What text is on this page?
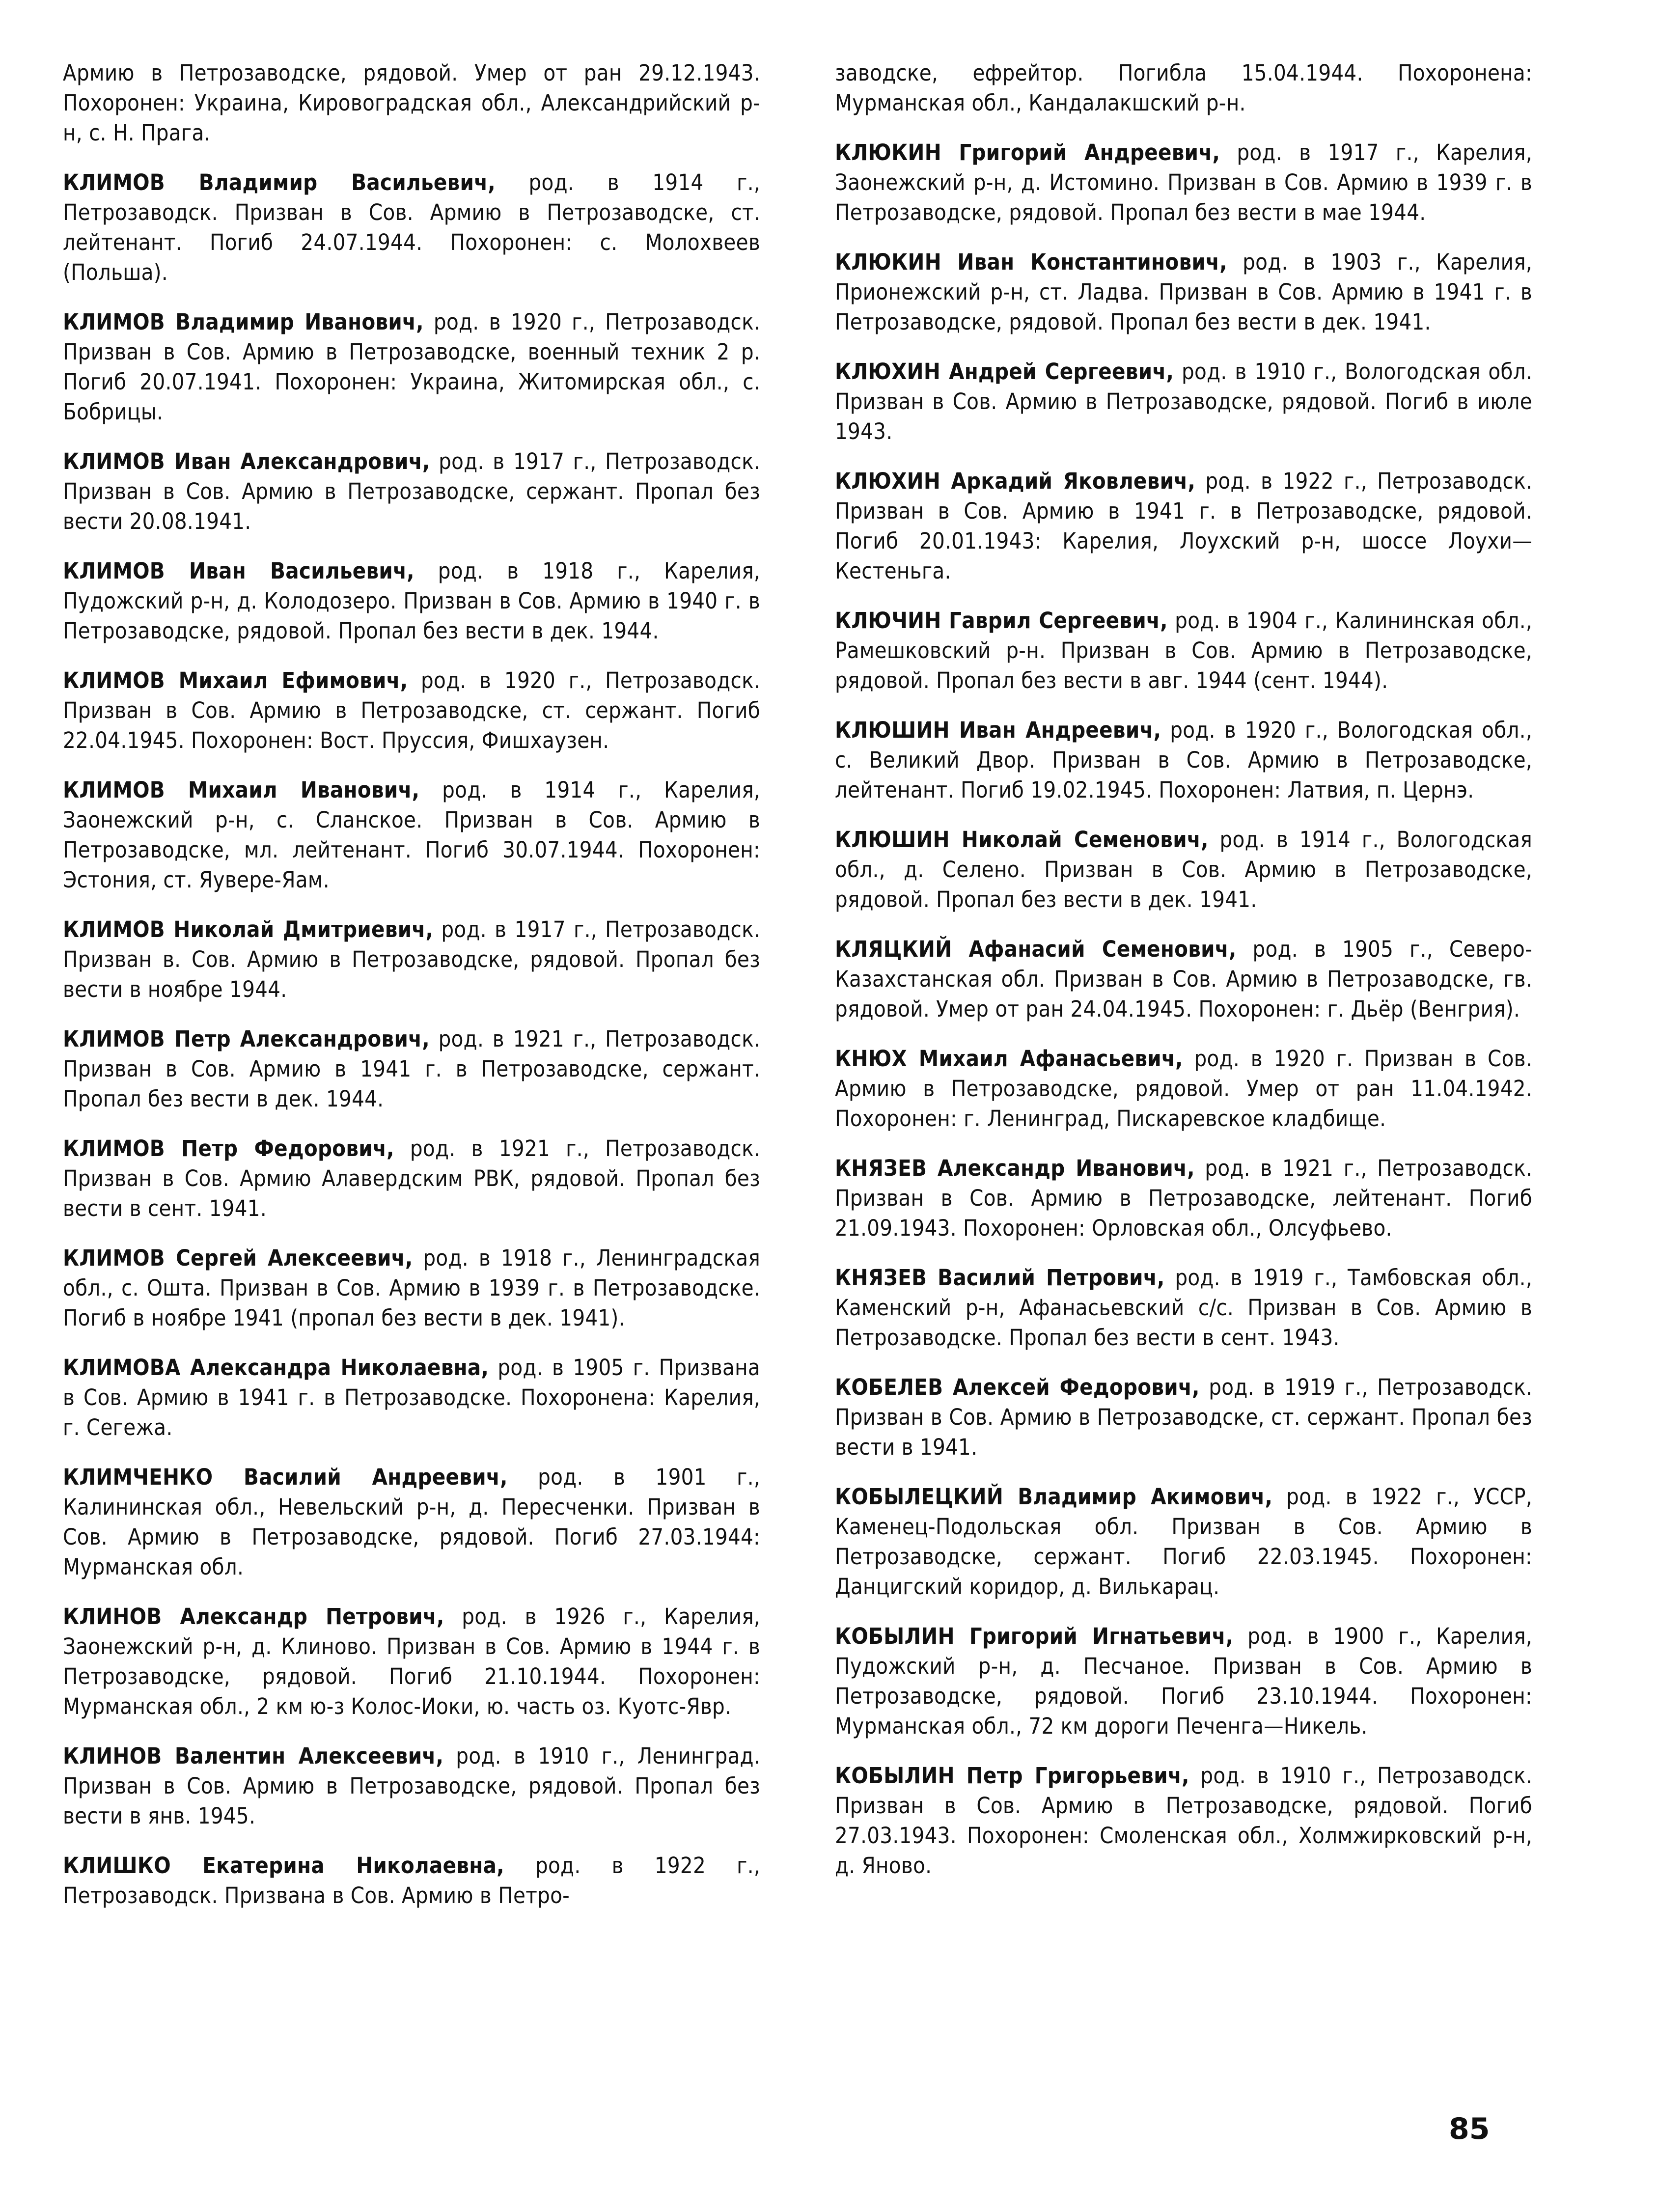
Армию в Петрозаводске, рядовой. Умер от ран 29.12.1943. Похоронен: Украина, Кировоградская обл., Александрийский р-н, с. Н. Прага.

КЛИМОВ Владимир Васильевич, род. в 1914 г., Петрозаводск. Призван в Сов. Армию в Петрозаводске, ст. лейтенант. Погиб 24.07.1944. Похоронен: с. Молохвеев (Польша).

КЛИМОВ Владимир Иванович, род. в 1920 г., Петрозаводск. Призван в Сов. Армию в Петрозаводске, военный техник 2 р. Погиб 20.07.1941. Похоронен: Украина, Житомирская обл., с. Бобрицы.

КЛИМОВ Иван Александрович, род. в 1917 г., Петрозаводск. Призван в Сов. Армию в Петрозаводске, сержант. Пропал без вести 20.08.1941.

КЛИМОВ Иван Васильевич, род. в 1918 г., Карелия, Пудожский р-н, д. Колодозеро. Призван в Сов. Армию в 1940 г. в Петрозаводске, рядовой. Пропал без вести в дек. 1944.

КЛИМОВ Михаил Ефимович, род. в 1920 г., Петрозаводск. Призван в Сов. Армию в Петрозаводске, ст. сержант. Погиб 22.04.1945. Похоронен: Вост. Пруссия, Фишхаузен.

КЛИМОВ Михаил Иванович, род. в 1914 г., Карелия, Заонежский р-н, с. Сланское. Призван в Сов. Армию в Петрозаводске, мл. лейтенант. Погиб 30.07.1944. Похоронен: Эстония, ст. Яувере-Яам.

КЛИМОВ Николай Дмитриевич, род. в 1917 г., Петрозаводск. Призван в. Сов. Армию в Петрозаводске, рядовой. Пропал без вести в ноябре 1944.

КЛИМОВ Петр Александрович, род. в 1921 г., Петрозаводск. Призван в Сов. Армию в 1941 г. в Петрозаводске, сержант. Пропал без вести в дек. 1944.

КЛИМОВ Петр Федорович, род. в 1921 г., Петрозаводск. Призван в Сов. Армию Алавердским РВК, рядовой. Пропал без вести в сент. 1941.

КЛИМОВ Сергей Алексеевич, род. в 1918 г., Ленинградская обл., с. Ошта. Призван в Сов. Армию в 1939 г. в Петрозаводске. Погиб в ноябре 1941 (пропал без вести в дек. 1941).

КЛИМОВА Александра Николаевна, род. в 1905 г. Призвана в Сов. Армию в 1941 г. в Петрозаводске. Похоронена: Карелия, г. Сегежа.

КЛИМЧЕНКО Василий Андреевич, род. в 1901 г., Калининская обл., Невельский р-н, д. Пересченки. Призван в Сов. Армию в Петрозаводске, рядовой. Погиб 27.03.1944: Мурманская обл.

КЛИНОВ Александр Петрович, род. в 1926 г., Карелия, Заонежский р-н, д. Клиново. Призван в Сов. Армию в 1944 г. в Петрозаводске, рядовой. Погиб 21.10.1944. Похоронен: Мурманская обл., 2 км ю-з Колос-Иоки, ю. часть оз. Куотс-Явр.

КЛИНОВ Валентин Алексеевич, род. в 1910 г., Ленинград. Призван в Сов. Армию в Петрозаводске, рядовой. Пропал без вести в янв. 1945.

КЛИШКО Екатерина Николаевна, род. в 1922 г., Петрозаводск. Призвана в Сов. Армию в Петро-

заводске, ефрейтор. Погибла 15.04.1944. Похоронена: Мурманская обл., Кандалакшский р-н.

КЛЮКИН Григорий Андреевич, род. в 1917 г., Карелия, Заонежский р-н, д. Истомино. Призван в Сов. Армию в 1939 г. в Петрозаводске, рядовой. Пропал без вести в мае 1944.

КЛЮКИН Иван Константинович, род. в 1903 г., Карелия, Прионежский р-н, ст. Ладва. Призван в Сов. Армию в 1941 г. в Петрозаводске, рядовой. Пропал без вести в дек. 1941.

КЛЮХИН Андрей Сергеевич, род. в 1910 г., Вологодская обл. Призван в Сов. Армию в Петрозаводске, рядовой. Погиб в июле 1943.

КЛЮХИН Аркадий Яковлевич, род. в 1922 г., Петрозаводск. Призван в Сов. Армию в 1941 г. в Петрозаводске, рядовой. Погиб 20.01.1943: Карелия, Лоухский р-н, шоссе Лоухи—Кестеньга.

КЛЮЧИН Гаврил Сергеевич, род. в 1904 г., Калининская обл., Рамешковский р-н. Призван в Сов. Армию в Петрозаводске, рядовой. Пропал без вести в авг. 1944 (сент. 1944).

КЛЮШИН Иван Андреевич, род. в 1920 г., Вологодская обл., с. Великий Двор. Призван в Сов. Армию в Петрозаводске, лейтенант. Погиб 19.02.1945. Похоронен: Латвия, п. Цернэ.

КЛЮШИН Николай Семенович, род. в 1914 г., Вологодская обл., д. Селено. Призван в Сов. Армию в Петрозаводске, рядовой. Пропал без вести в дек. 1941.

КЛЯЦКИЙ Афанасий Семенович, род. в 1905 г., Северо-Казахстанская обл. Призван в Сов. Армию в Петрозаводске, гв. рядовой. Умер от ран 24.04.1945. Похоронен: г. Дьёр (Венгрия).

КНЮХ Михаил Афанасьевич, род. в 1920 г. Призван в Сов. Армию в Петрозаводске, рядовой. Умер от ран 11.04.1942. Похоронен: г. Ленинград, Пискаревское кладбище.

КНЯЗЕВ Александр Иванович, род. в 1921 г., Петрозаводск. Призван в Сов. Армию в Петрозаводске, лейтенант. Погиб 21.09.1943. Похоронен: Орловская обл., Олсуфьево.

КНЯЗЕВ Василий Петрович, род. в 1919 г., Тамбовская обл., Каменский р-н, Афанасьевский с/с. Призван в Сов. Армию в Петрозаводске. Пропал без вести в сент. 1943.

КОБЕЛЕВ Алексей Федорович, род. в 1919 г., Петрозаводск. Призван в Сов. Армию в Петрозаводске, ст. сержант. Пропал без вести в 1941.

КОБЫЛЕЦКИЙ Владимир Акимович, род. в 1922 г., УССР, Каменец-Подольская обл. Призван в Сов. Армию в Петрозаводске, сержант. Погиб 22.03.1945. Похоронен: Данцигский коридор, д. Вилькарац.

КОБЫЛИН Григорий Игнатьевич, род. в 1900 г., Карелия, Пудожский р-н, д. Песчаное. Призван в Сов. Армию в Петрозаводске, рядовой. Погиб 23.10.1944. Похоронен: Мурманская обл., 72 км дороги Печенга—Никель.

КОБЫЛИН Петр Григорьевич, род. в 1910 г., Петрозаводск. Призван в Сов. Армию в Петрозаводске, рядовой. Погиб 27.03.1943. Похоронен: Смоленская обл., Холмжирковский р-н, д. Яново.

85
